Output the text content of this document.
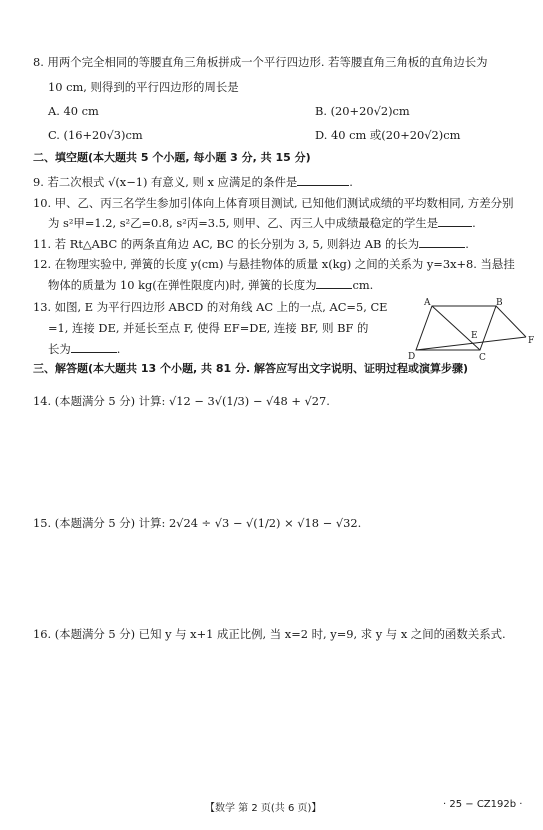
8. 用两个完全相同的等腰直角三角板拼成一个平行四边形. 若等腰直角三角板的直角边长为
10 cm, 则得到的平行四边形的周长是
A. 40 cm	B. (20+20√2)cm
C. (16+20√3)cm	D. 40 cm 或(20+20√2)cm
二、填空题(本大题共 5 个小题, 每小题 3 分, 共 15 分)
9. 若二次根式 √(x−1) 有意义, 则 x 应满足的条件是	.
10. 甲、乙、丙三名学生参加引体向上体育项目测试, 已知他们测试成绩的平均数相同, 方差分别
为 s²甲=1.2, s²乙=0.8, s²丙=3.5, 则甲、乙、丙三人中成绩最稳定的学生是	.
11. 若 Rt△ABC 的两条直角边 AC, BC 的长分别为 3, 5, 则斜边 AB 的长为	.
12. 在物理实验中, 弹簧的长度 y(cm) 与悬挂物体的质量 x(kg) 之间的关系为 y=3x+8. 当悬挂
物体的质量为 10 kg(在弹性限度内)时, 弹簧的长度为	cm.
13. 如图, E 为平行四边形 ABCD 的对角线 AC 上的一点, AC=5, CE
=1, 连接 DE, 并延长至点 F, 使得 EF=DE, 连接 BF, 则 BF 的
长为	.
A	B
E	F
D	C
三、解答题(本大题共 13 个小题, 共 81 分. 解答应写出文字说明、证明过程或演算步骤)
14. (本题满分 5 分) 计算: √12 − 3√(1/3) − √48 + √27.
15. (本题满分 5 分) 计算: 2√24 ÷ √3 − √(1/2) × √18 − √32.
16. (本题满分 5 分) 已知 y 与 x+1 成正比例, 当 x=2 时, y=9, 求 y 与 x 之间的函数关系式.
【数学 第 2 页(共 6 页)】	· 25 − CZ192b ·
